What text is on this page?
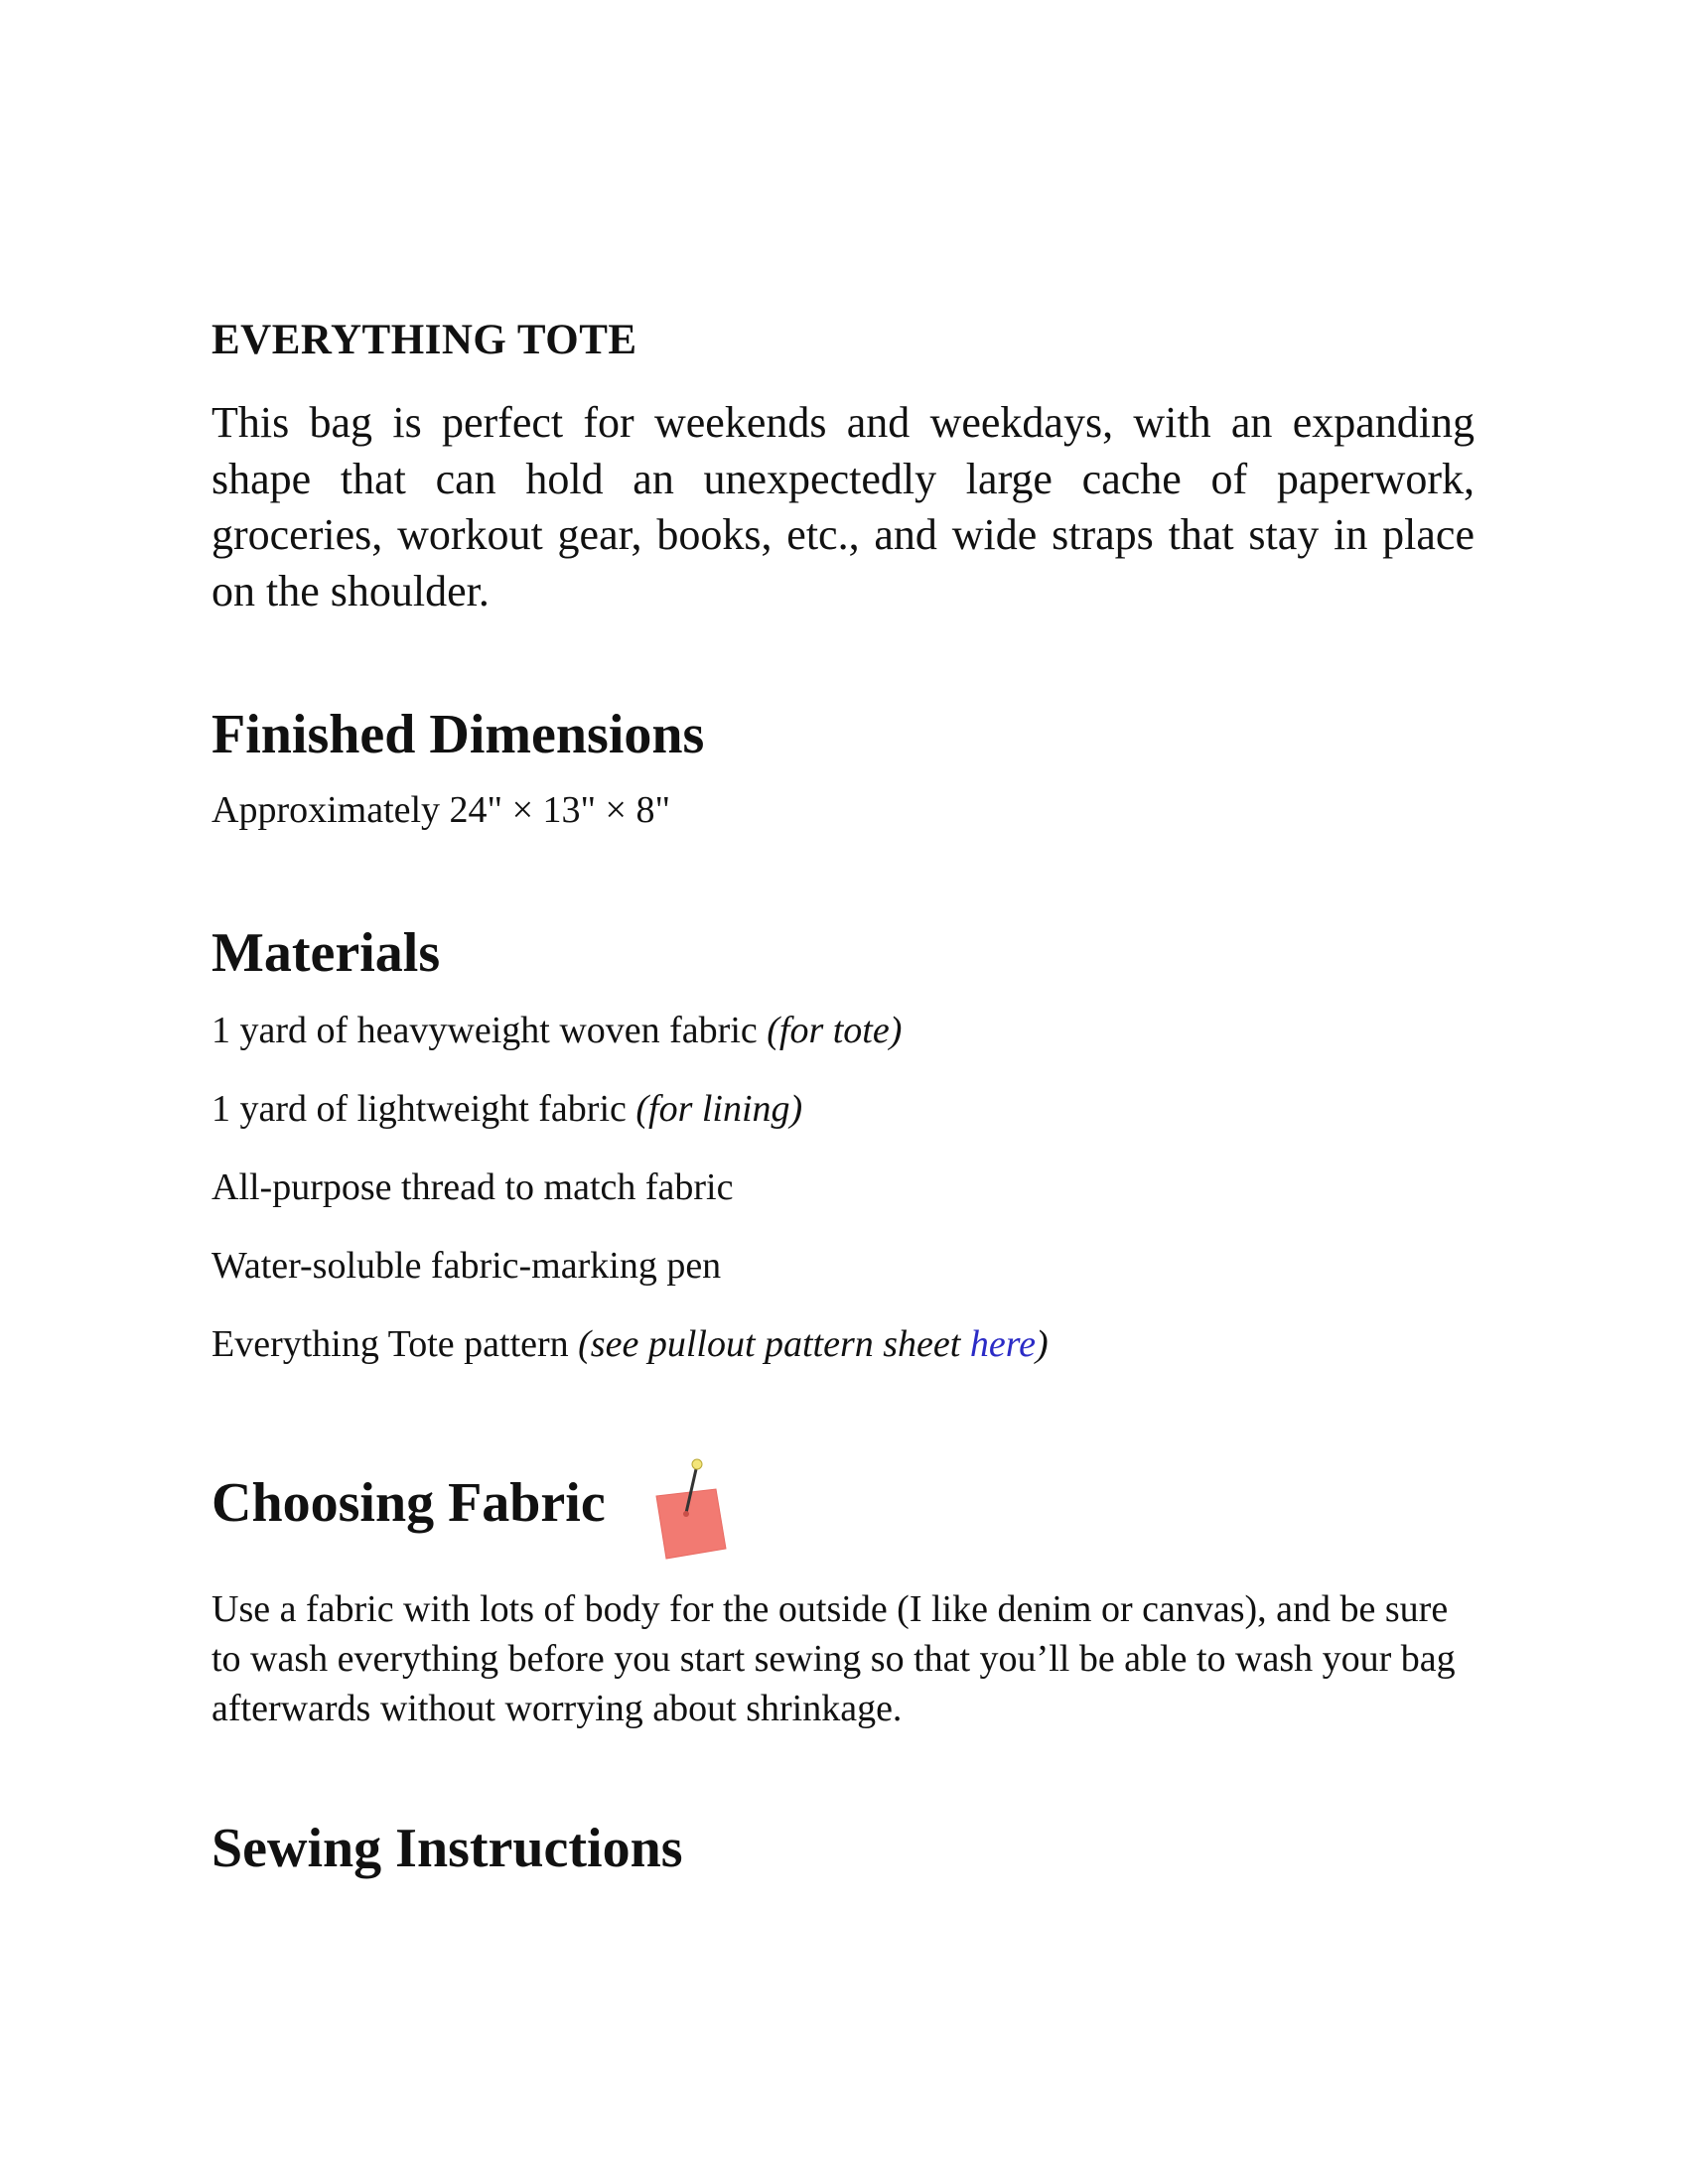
EVERYTHING TOTE

This bag is perfect for weekends and weekdays, with an expanding shape that can hold an unexpectedly large cache of paperwork, groceries, workout gear, books, etc., and wide straps that stay in place on the shoulder.

Finished Dimensions

Approximately 24" × 13" × 8"

Materials

1 yard of heavyweight woven fabric (for tote)

1 yard of lightweight fabric (for lining)

All-purpose thread to match fabric

Water-soluble fabric-marking pen

Everything Tote pattern (see pullout pattern sheet here)

Choosing Fabric

Use a fabric with lots of body for the outside (I like denim or canvas), and be sure to wash everything before you start sewing so that you’ll be able to wash your bag afterwards without worrying about shrinkage.

Sewing Instructions
